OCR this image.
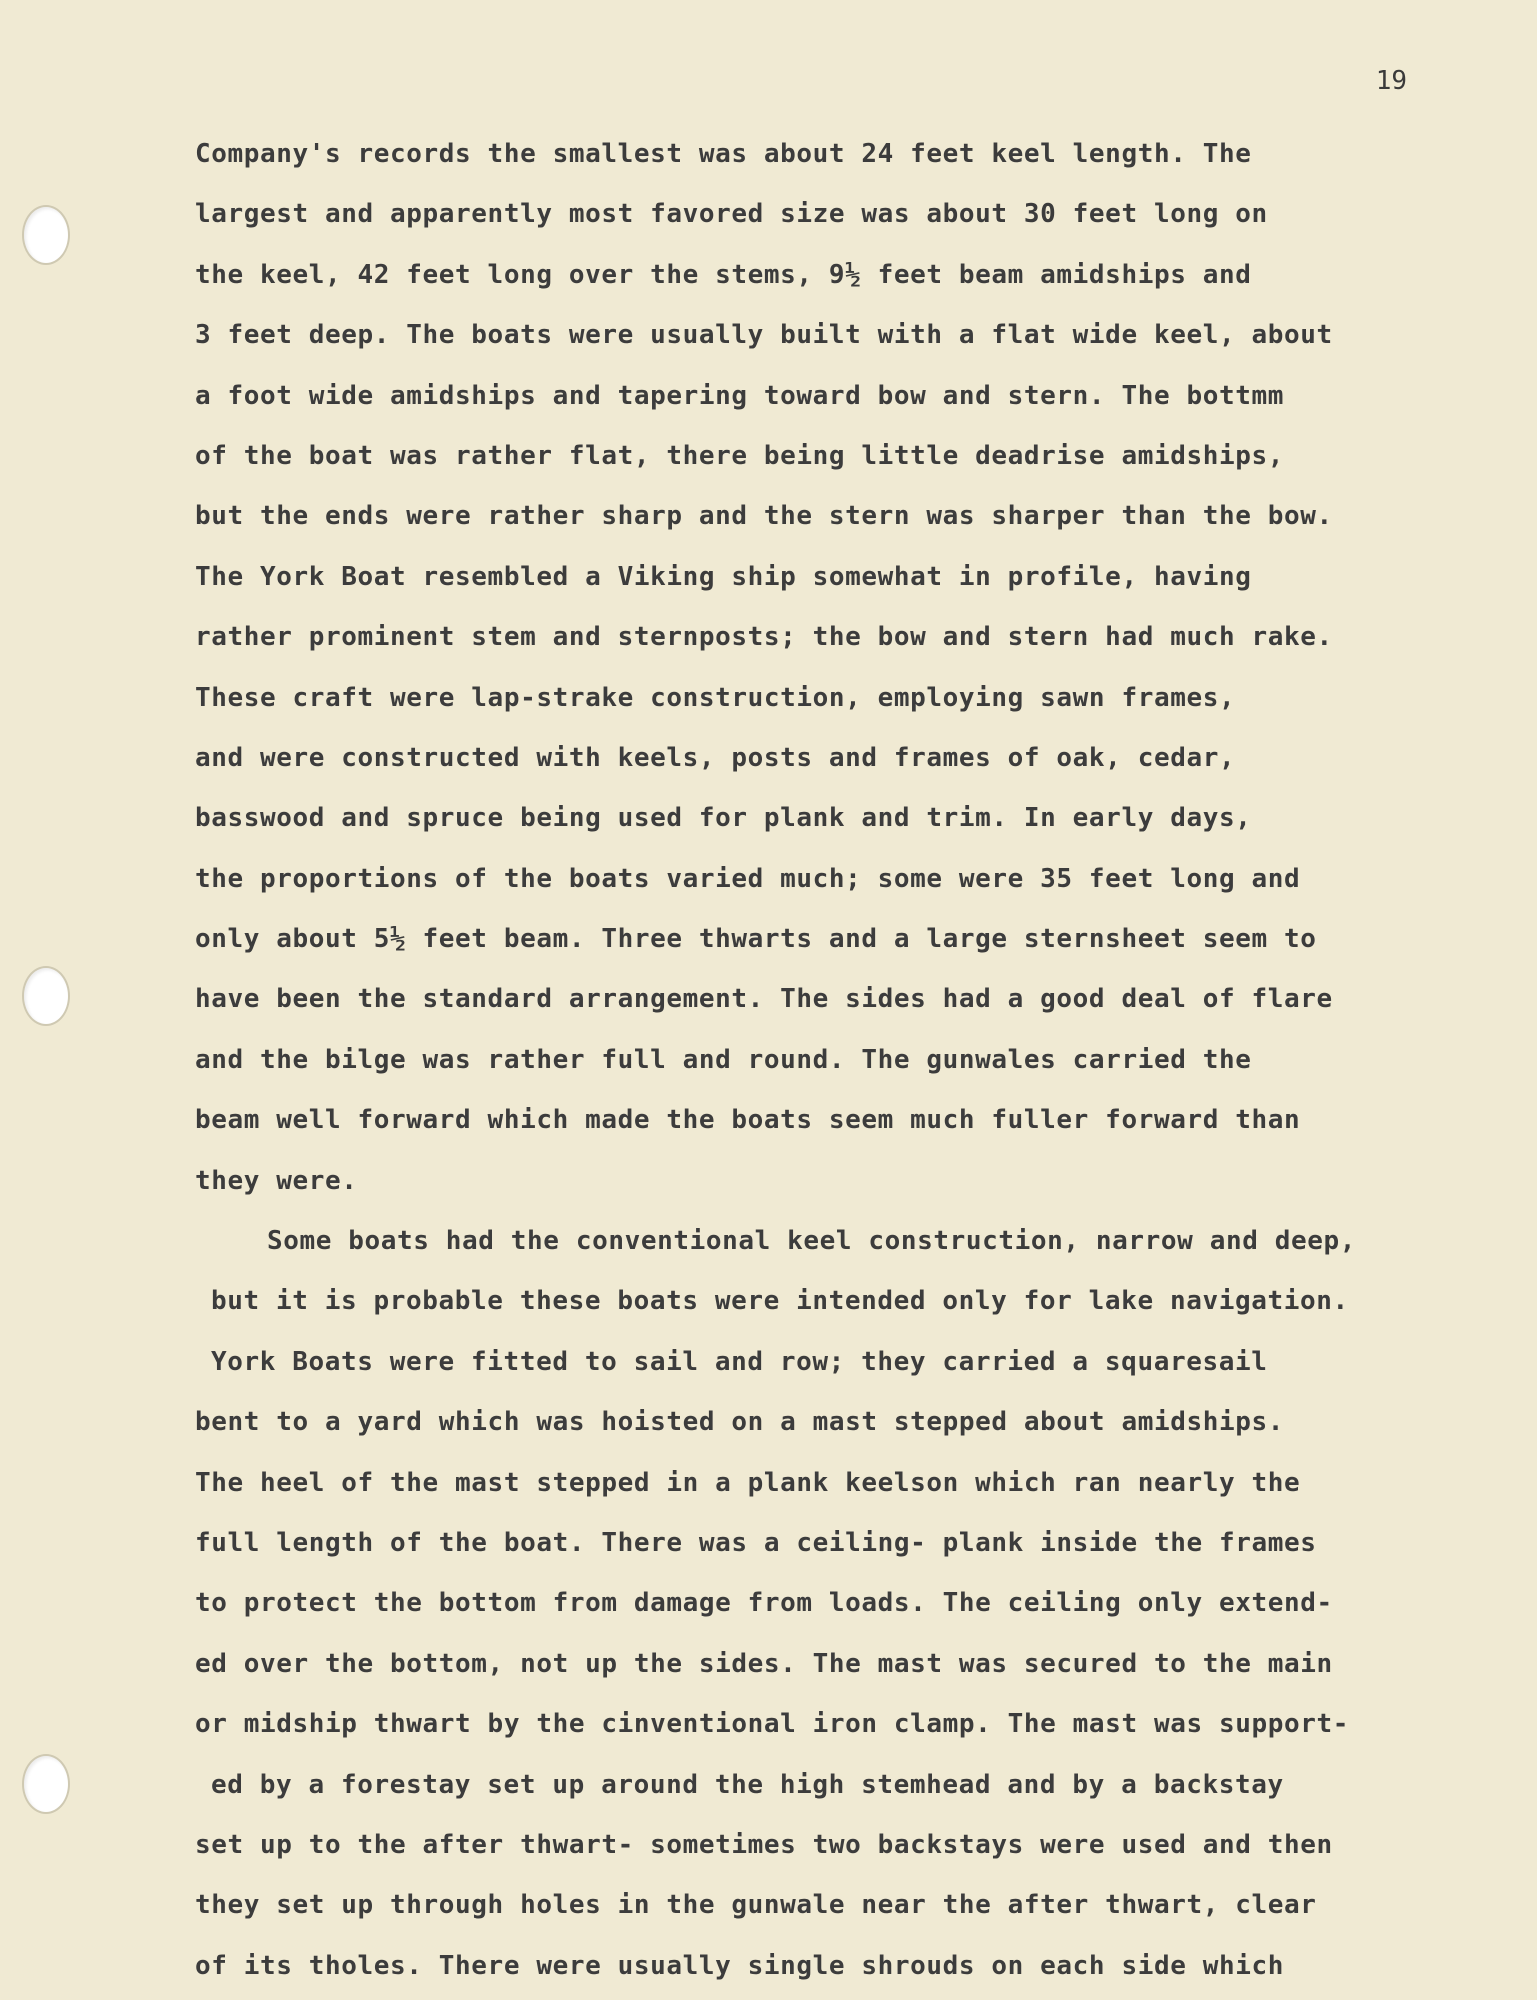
19
Company's records the smallest was about 24 feet keel length. The
largest and apparently most favored size was about 30 feet long on
the keel, 42 feet long over the stems, 9½ feet beam amidships and
3 feet deep. The boats were usually built with a flat wide keel, about
a foot wide amidships and tapering toward bow and stern. The bottmm
of the boat was rather flat, there being little deadrise amidships,
but the ends were rather sharp and the stern was sharper than the bow.
The York Boat resembled a Viking ship somewhat in profile, having
rather prominent stem and sternposts; the bow and stern had much rake.
These craft were lap-strake construction, employing sawn frames,
and were constructed with keels, posts and frames of oak, cedar,
basswood and spruce being used for plank and trim. In early days,
the proportions of the boats varied much; some were 35 feet long and
only about 5½ feet beam. Three thwarts and a large sternsheet seem to
have been the standard arrangement. The sides had a good deal of flare
and the bilge was rather full and round. The gunwales carried the
beam well forward which made the boats seem much fuller forward than
they were.
Some boats had the conventional keel construction, narrow and deep,
but it is probable these boats were intended only for lake navigation.
York Boats were fitted to sail and row; they carried a squaresail
bent to a yard which was hoisted on a mast stepped about amidships.
The heel of the mast stepped in a plank keelson which ran nearly the
full length of the boat. There was a ceiling- plank inside the frames
to protect the bottom from damage from loads. The ceiling only extend-
ed over the bottom, not up the sides. The mast was secured to the main
or midship thwart by the cinventional iron clamp. The mast was support-
ed by a forestay set up around the high stemhead and by a backstay
set up to the after thwart- sometimes two backstays were used and then
they set up through holes in the gunwale near the after thwart, clear
of its tholes. There were usually single shrouds on each side which
